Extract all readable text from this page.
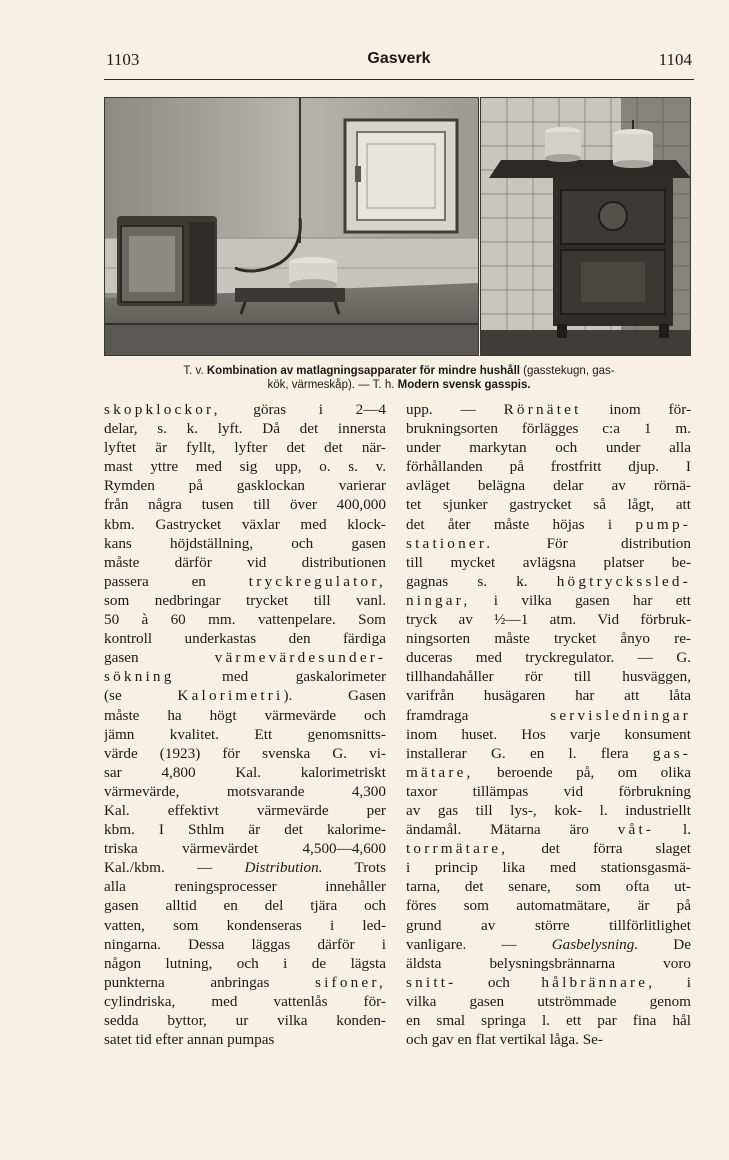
1103	Gasverk	1104
T. v. Kombination av matlagningsapparater för mindre hushåll (gasstekugn, gas-
kök, värmeskåp). — T. h. Modern svensk gasspis.
skopklockor, göras i 2—4
delar, s. k. lyft. Då det innersta
lyftet är fyllt, lyfter det det när-
mast yttre med sig upp, o. s. v.
Rymden på gasklockan varierar
från några tusen till över 400,000
kbm. Gastrycket växlar med klock-
kans höjdställning, och gasen
måste därför vid distributionen
passera en tryckregulator,
som nedbringar trycket till vanl.
50 à 60 mm. vattenpelare. Som
kontroll underkastas den färdiga
gasen värmevärdesunder-
sökning med gaskalorimeter
(se Kalorimetri). Gasen
måste ha högt värmevärde och
jämn kvalitet. Ett genomsnitts-
värde (1923) för svenska G. vi-
sar 4,800 Kal. kalorimetriskt
värmevärde, motsvarande 4,300
Kal. effektivt värmevärde per
kbm. I Sthlm är det kalorime-
triska värmevärdet 4,500—4,600
Kal./kbm. — Distribution. Trots
alla reningsprocesser innehåller
gasen alltid en del tjära och
vatten, som kondenseras i led-
ningarna. Dessa läggas därför i
någon lutning, och i de lägsta
punkterna anbringas sifoner,
cylindriska, med vattenlås för-
sedda byttor, ur vilka konden-
satet tid efter annan pumpas
upp. — Rörnätet inom för-
brukningsorten förlägges c:a 1 m.
under markytan och under alla
förhållanden på frostfritt djup. I
avläget belägna delar av rörnä-
tet sjunker gastrycket så lågt, att
det åter måste höjas i pump-
stationer. För distribution
till mycket avlägsna platser be-
gagnas s. k. högtryckssled-
ningar, i vilka gasen har ett
tryck av ½—1 atm. Vid förbruk-
ningsorten måste trycket ånyo re-
duceras med tryckregulator. — G.
tillhandahåller rör till husväggen,
varifrån husägaren har att låta
framdraga servisledningar
inom huset. Hos varje konsument
installerar G. en l. flera gas-
mätare, beroende på, om olika
taxor tillämpas vid förbrukning
av gas till lys-, kok- l. industriellt
ändamål. Mätarna äro våt- l.
torrmätare, det förra slaget
i princip lika med stationsgasmä-
tarna, det senare, som ofta ut-
föres som automatmätare, är på
grund av större tillförlitlighet
vanligare. — Gasbelysning. De
äldsta belysningsbrännarna voro
snitt- och hålbrännare, i
vilka gasen utströmmade genom
en smal springa l. ett par fina hål
och gav en flat vertikal låga. Se-
